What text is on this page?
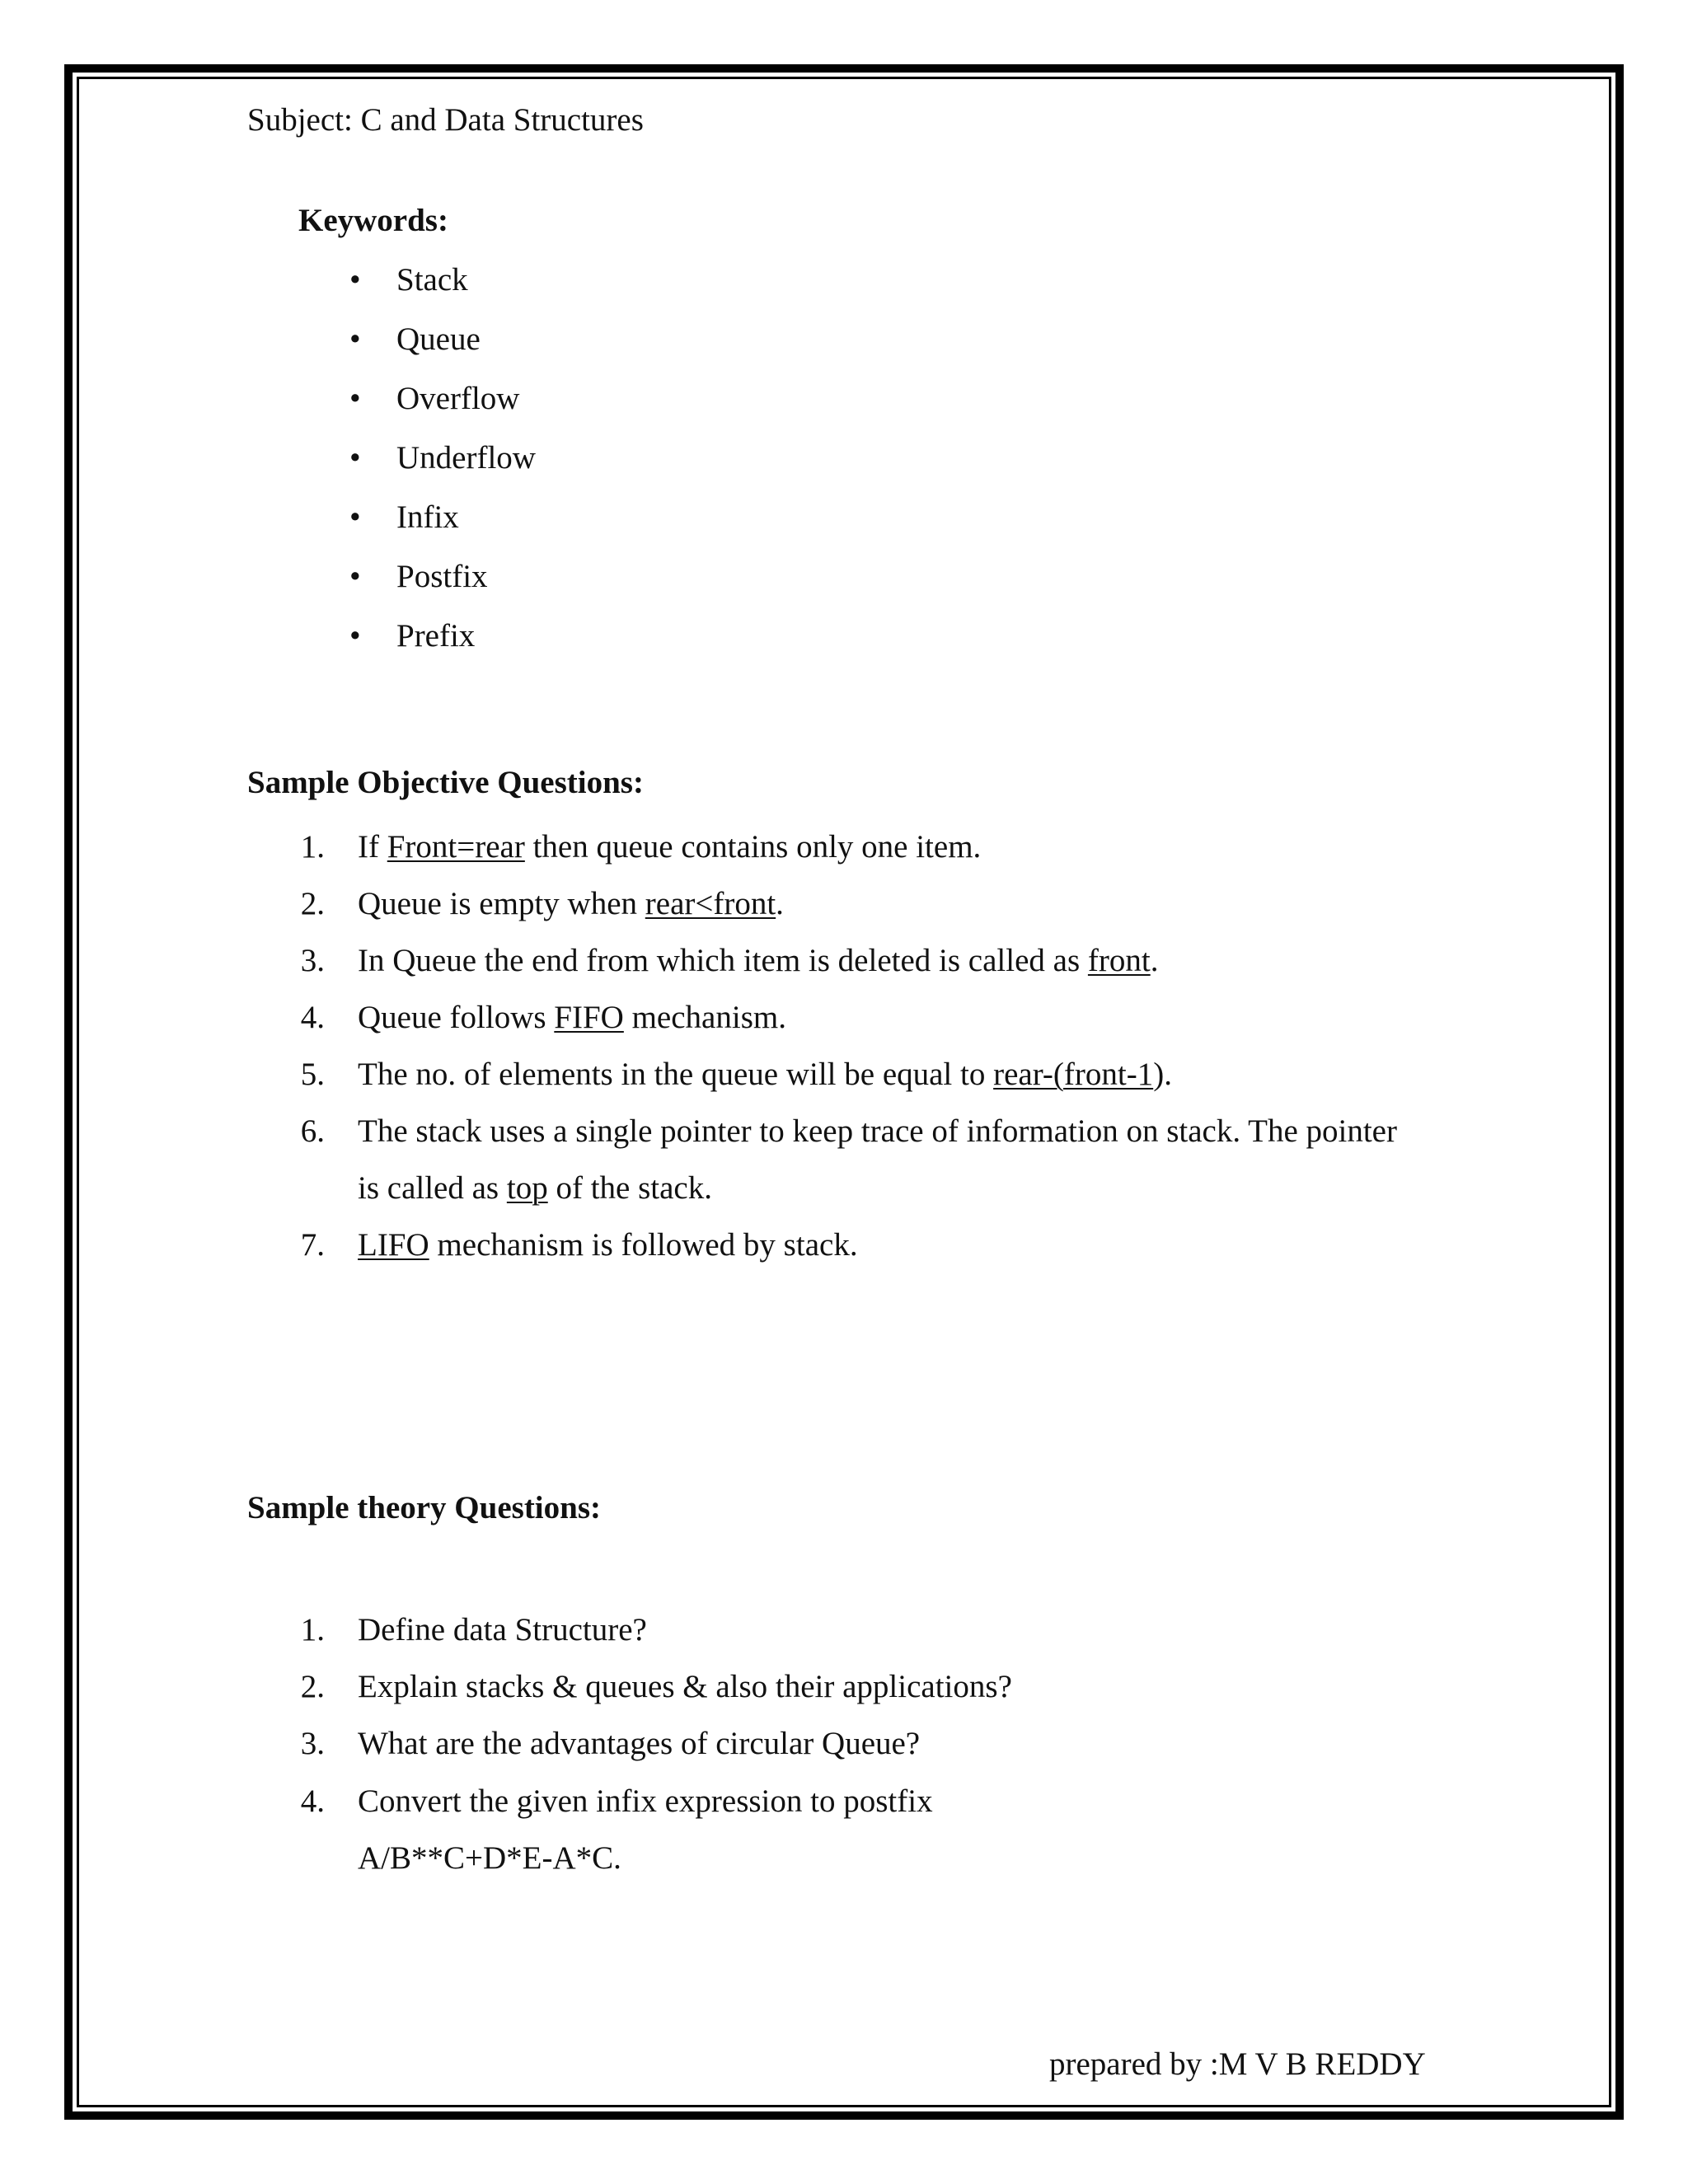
Subject: C and Data Structures
Keywords:
• Stack
• Queue
• Overflow
• Underflow
• Infix
• Postfix
• Prefix
Sample Objective Questions:
1. If Front=rear then queue contains only one item.
2. Queue is empty when rear<front.
3. In Queue the end from which item is deleted is called as front.
4. Queue follows FIFO mechanism.
5. The no. of elements in the queue will be equal to rear-(front-1).
6. The stack uses a single pointer to keep trace of information on stack. The pointer
is called as top of the stack.
7. LIFO mechanism is followed by stack.
Sample theory Questions:
1. Define data Structure?
2. Explain stacks & queues & also their applications?
3. What are the advantages of circular Queue?
4. Convert the given infix expression to postfix
A/B**C+D*E-A*C.
prepared by :M V B REDDY
